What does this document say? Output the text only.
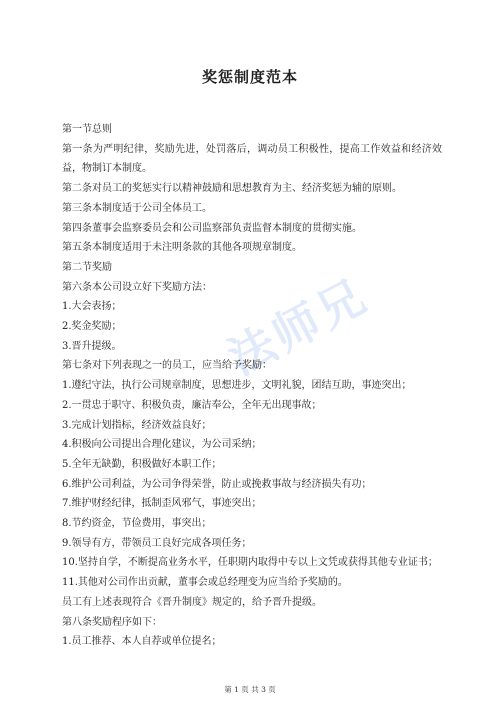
法师兄
奖惩制度范本
第一节总则
第一条为严明纪律，奖励先进，处罚落后，调动员工积极性，提高工作效益和经济效益，物制订本制度。
第二条对员工的奖惩实行以精神鼓励和思想教育为主、经济奖惩为辅的原则。
第三条本制度适于公司全体员工。
第四条董事会监察委员会和公司监察部负责监督本制度的贯彻实施。
第五条本制度适用于未注明条款的其他各项规章制度。
第二节奖励
第六条本公司设立好下奖励方法：
1.大会表扬；
2.奖金奖励；
3.晋升提级。
第七条对下列表现之一的员工，应当给予奖励：
1.遵纪守法，执行公司规章制度，思想进步，文明礼貌，团结互助，事迹突出；
2.一贯忠于职守、积极负责，廉洁奉公，全年无出现事故；
3.完成计划指标，经济效益良好；
4.积极向公司提出合理化建议，为公司采纳；
5.全年无缺勤，积极做好本职工作；
6.维护公司利益，为公司争得荣誉，防止或挽救事故与经济损失有功；
7.维护财经纪律，抵制歪风邪气，事迹突出；
8.节约资金，节俭费用，事突出；
9.领导有方，带领员工良好完成各项任务；
10.坚持自学，不断提高业务水平，任职期内取得中专以上文凭或获得其他专业证书；
11.其他对公司作出贡献，董事会或总经理变为应当给予奖励的。
员工有上述表现符合《晋升制度》规定的，给予晋升提级。
第八条奖励程序如下：
1.员工推荐、本人自荐或单位提名；
第 1 页 共 3 页
